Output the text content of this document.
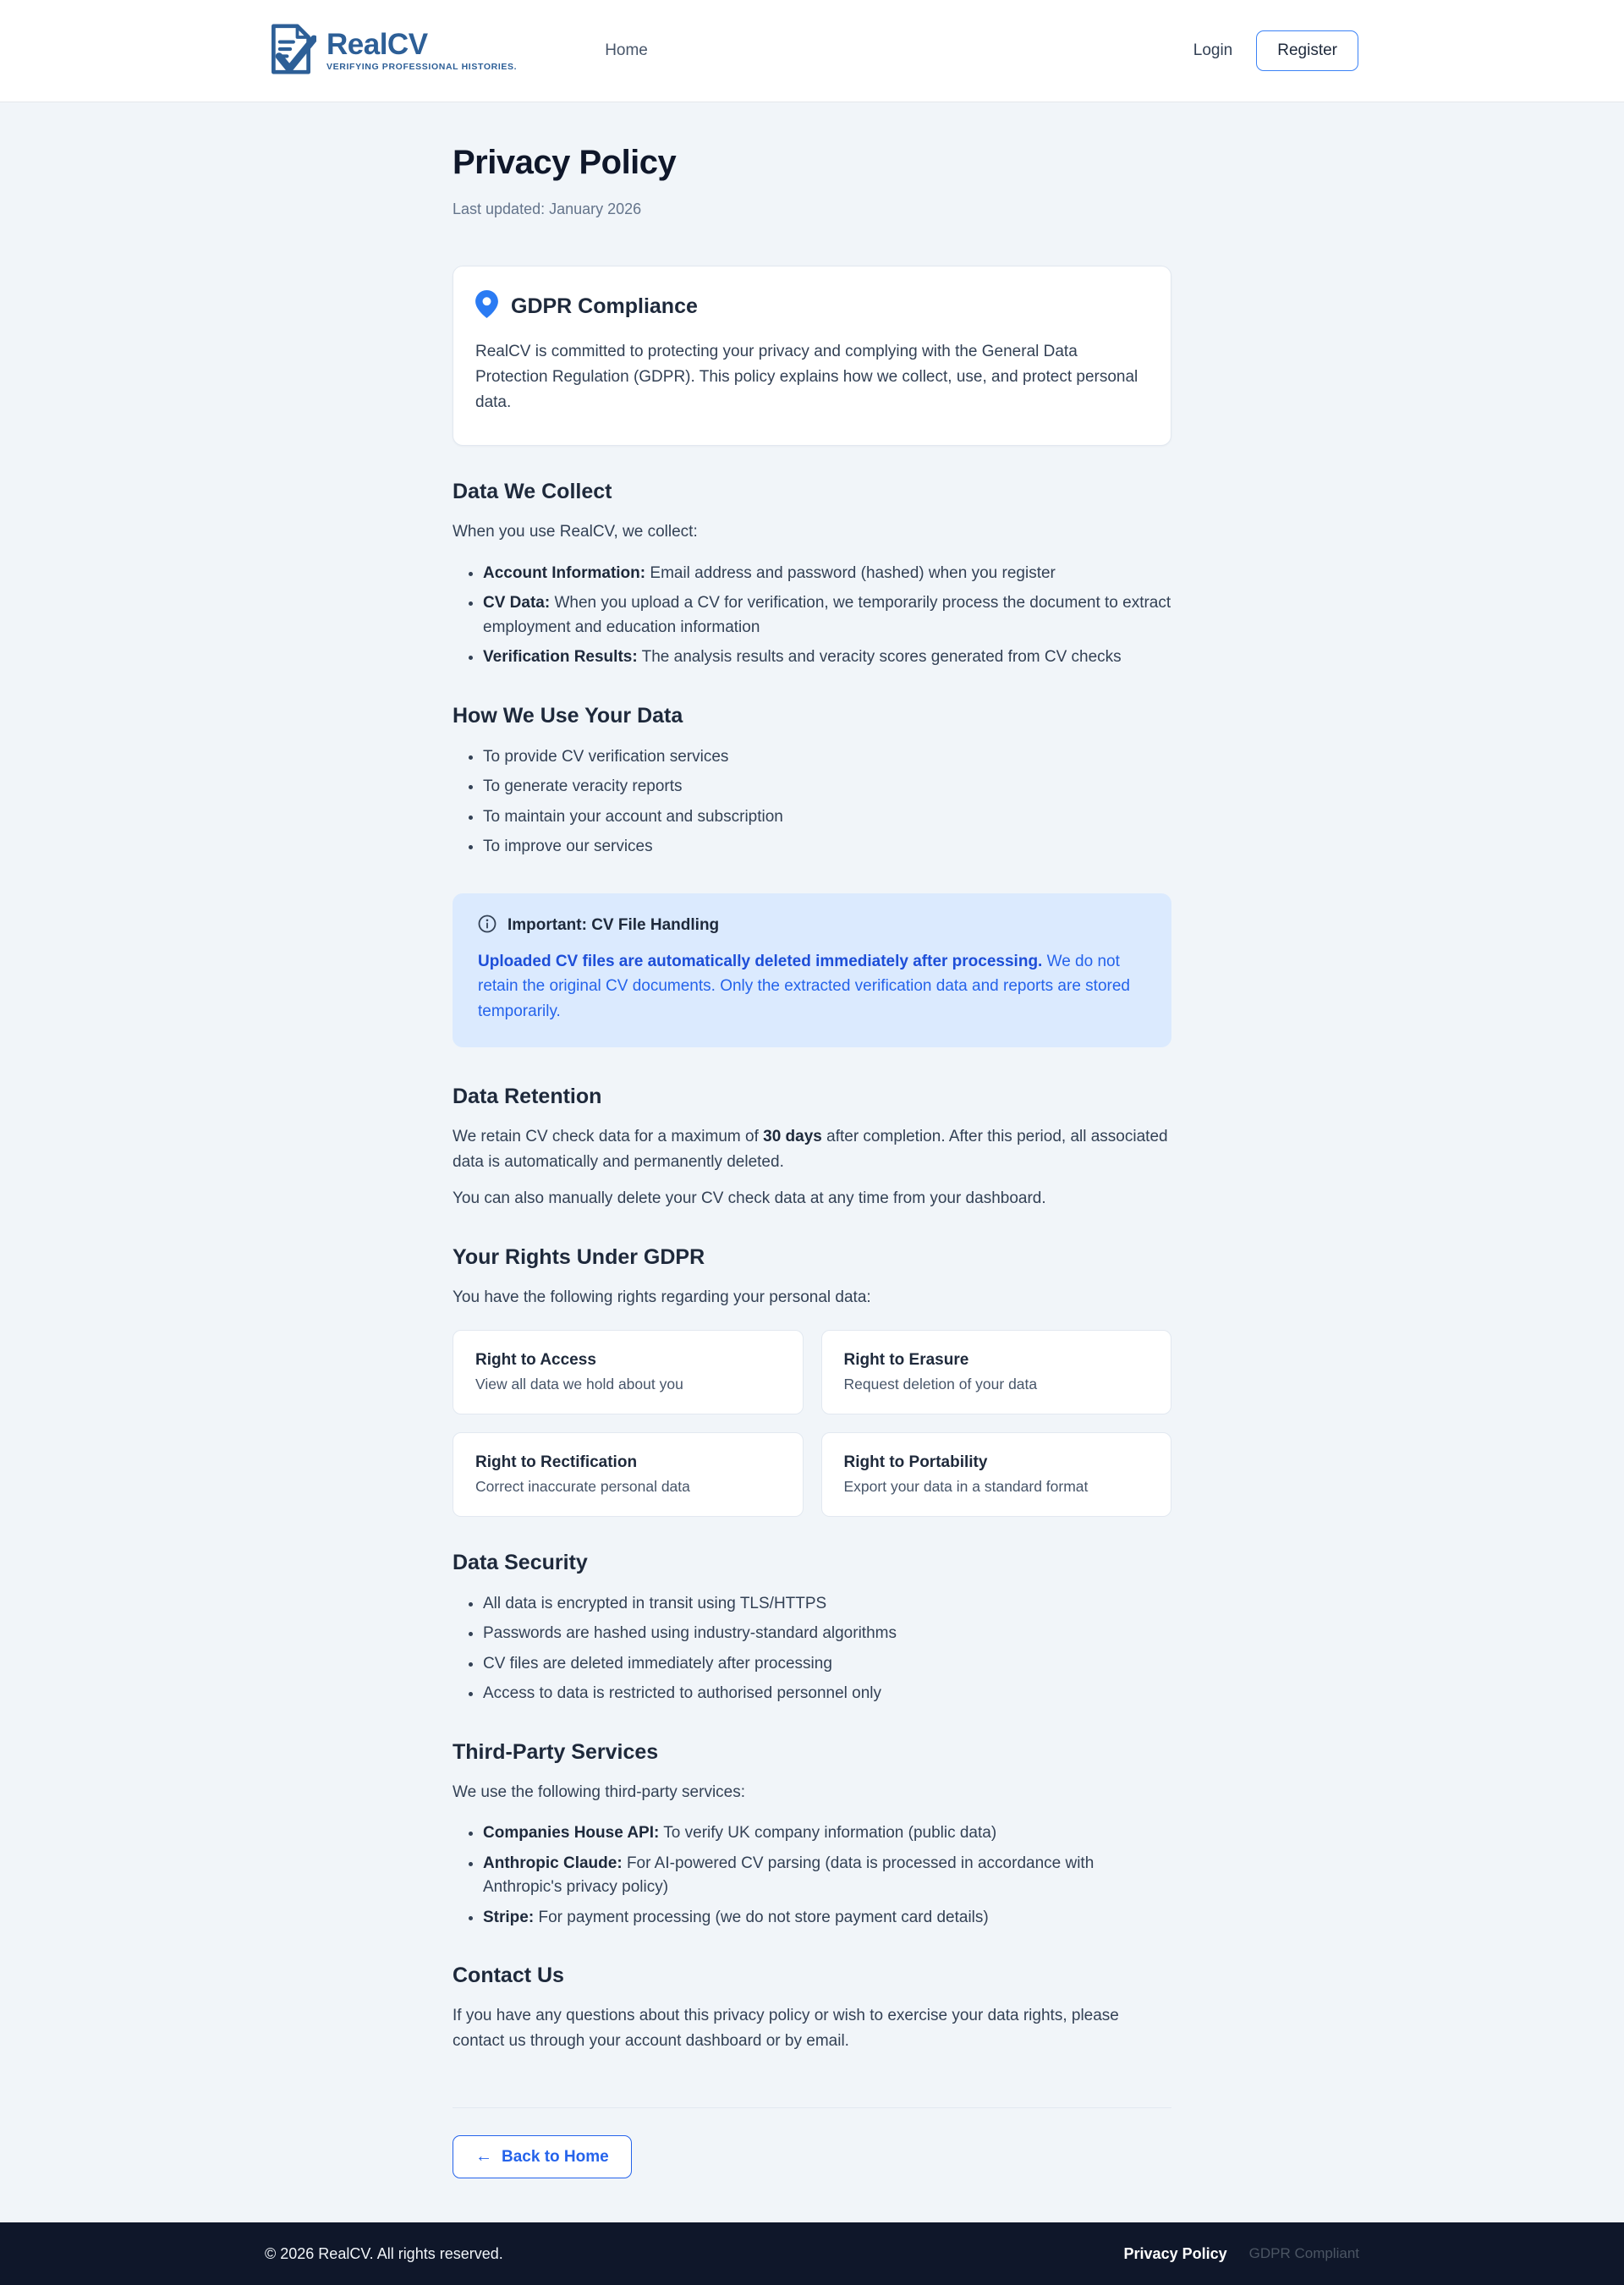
RealCV
VERIFYING PROFESSIONAL HISTORIES.
Home	Login	Register
Privacy Policy
Last updated: January 2026
GDPR Compliance

RealCV is committed to protecting your privacy and complying with the General Data Protection Regulation (GDPR). This policy explains how we collect, use, and protect personal data.

Data We Collect

When you use RealCV, we collect:

• Account Information: Email address and password (hashed) when you register
• CV Data: When you upload a CV for verification, we temporarily process the document to extract employment and education information
• Verification Results: The analysis results and veracity scores generated from CV checks
How We Use Your Data
• To provide CV verification services
• To generate veracity reports
• To maintain your account and subscription
• To improve our services
Important: CV File Handling

Uploaded CV files are automatically deleted immediately after processing. We do not retain the original CV documents. Only the extracted verification data and reports are stored temporarily.

Data Retention

We retain CV check data for a maximum of 30 days after completion. After this period, all associated data is automatically and permanently deleted.

You can also manually delete your CV check data at any time from your dashboard.

Your Rights Under GDPR

You have the following rights regarding your personal data:

Right to Access
View all data we hold about you
Right to Erasure
Request deletion of your data
Right to Rectification
Correct inaccurate personal data
Right to Portability
Export your data in a standard format
Data Security
• All data is encrypted in transit using TLS/HTTPS
• Passwords are hashed using industry-standard algorithms
• CV files are deleted immediately after processing
• Access to data is restricted to authorised personnel only
Third-Party Services

We use the following third-party services:

• Companies House API: To verify UK company information (public data)
• Anthropic Claude: For AI-powered CV parsing (data is processed in accordance with Anthropic's privacy policy)
• Stripe: For payment processing (we do not store payment card details)
Contact Us

If you have any questions about this privacy policy or wish to exercise your data rights, please contact us through your account dashboard or by email.

← Back to Home
© 2026 RealCV. All rights reserved.	Privacy Policy GDPR Compliant
